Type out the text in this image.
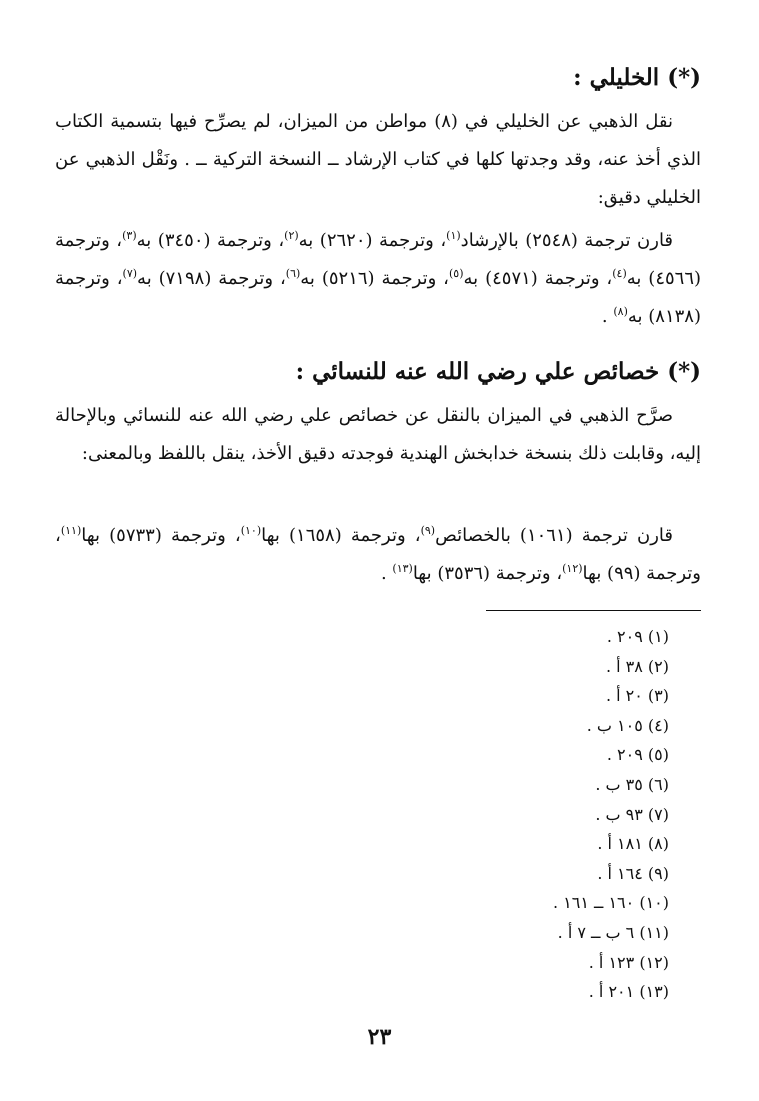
(*) الخليلي :

نقل الذهبي عن الخليلي في (٨) مواطن من الميزان، لم يصرِّح فيها بتسمية الكتاب الذي أخذ عنه، وقد وجدتها كلها في كتاب الإرشاد ــ النسخة التركية ــ . ونَقْل الذهبي عن الخليلي دقيق:

قارن ترجمة (٢٥٤٨) بالإرشاد$^{(١)}$، وترجمة (٢٦٢٠) به$^{(٢)}$، وترجمة (٣٤٥٠) به$^{(٣)}$، وترجمة (٤٥٦٦) به$^{(٤)}$، وترجمة (٤٥٧١) به$^{(٥)}$، وترجمة (٥٢١٦) به$^{(٦)}$، وترجمة (٧١٩٨) به$^{(٧)}$، وترجمة (٨١٣٨) به$^{(٨)}$ .

(*) خصائص علي رضي الله عنه للنسائي :

صرَّح الذهبي في الميزان بالنقل عن خصائص علي رضي الله عنه للنسائي وبالإحالة إليه، وقابلت ذلك بنسخة خدابخش الهندية فوجدته دقيق الأخذ، ينقل باللفظ وبالمعنى:

قارن ترجمة (١٠٦١) بالخصائص$^{(٩)}$، وترجمة (١٦٥٨) بها$^{(١٠)}$، وترجمة (٥٧٣٣) بها$^{(١١)}$، وترجمة (٩٩) بها$^{(١٢)}$، وترجمة (٣٥٣٦) بها$^{(١٣)}$ .

(١) ٢٠٩ .
(٢) ٣٨ أ .
(٣) ٢٠ أ .
(٤) ١٠٥ ب .
(٥) ٢٠٩ .
(٦) ٣٥ ب .
(٧) ٩٣ ب .
(٨) ١٨١ أ .
(٩) ١٦٤ أ .
(١٠) ١٦٠ ــ ١٦١ .
(١١) ٦ ب ــ ٧ أ .
(١٢) ١٢٣ أ .
(١٣) ٢٠١ أ .
٢٣
